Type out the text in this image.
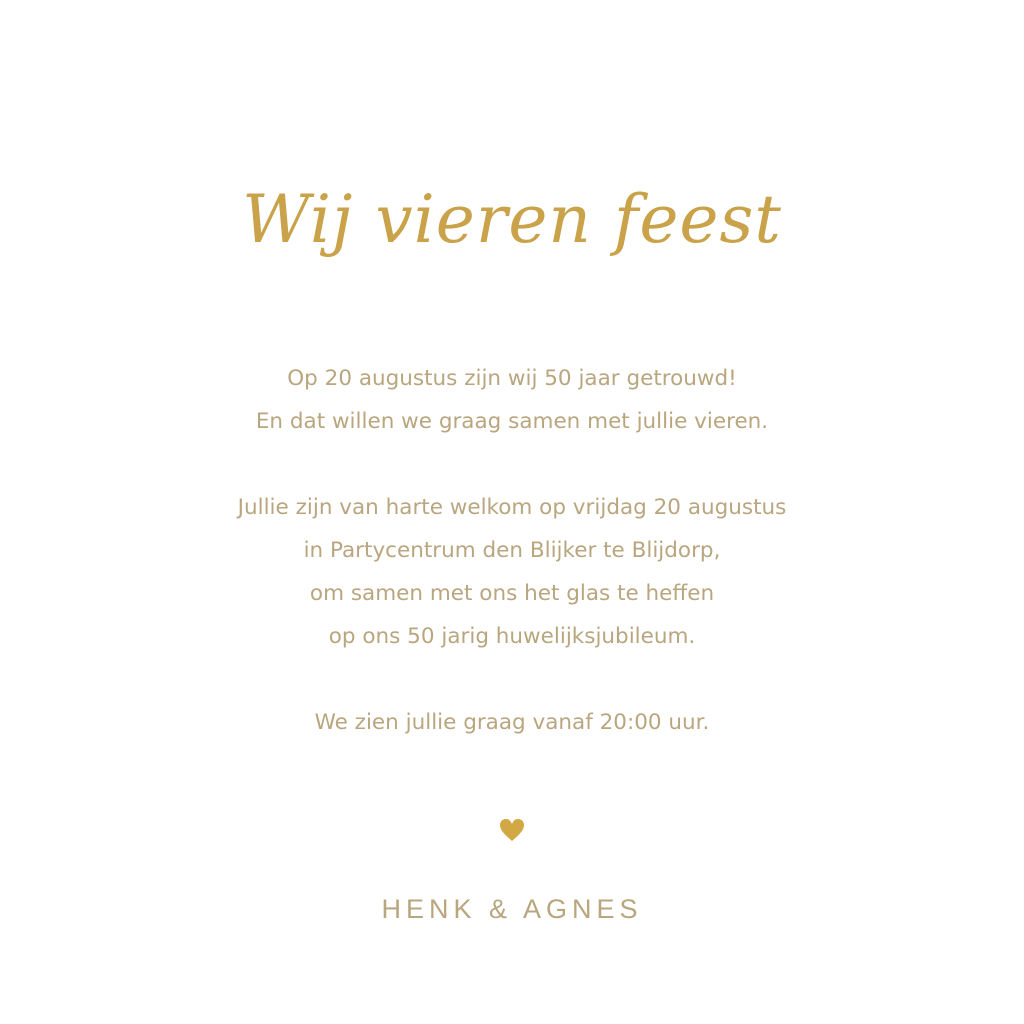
Wij vieren feest
Op 20 augustus zijn wij 50 jaar getrouwd!
En dat willen we graag samen met jullie vieren.
Jullie zijn van harte welkom op vrijdag 20 augustus
in Partycentrum den Blijker te Blijdorp,
om samen met ons het glas te heffen
op ons 50 jarig huwelijksjubileum.
We zien jullie graag vanaf 20:00 uur.
HENK & AGNES
